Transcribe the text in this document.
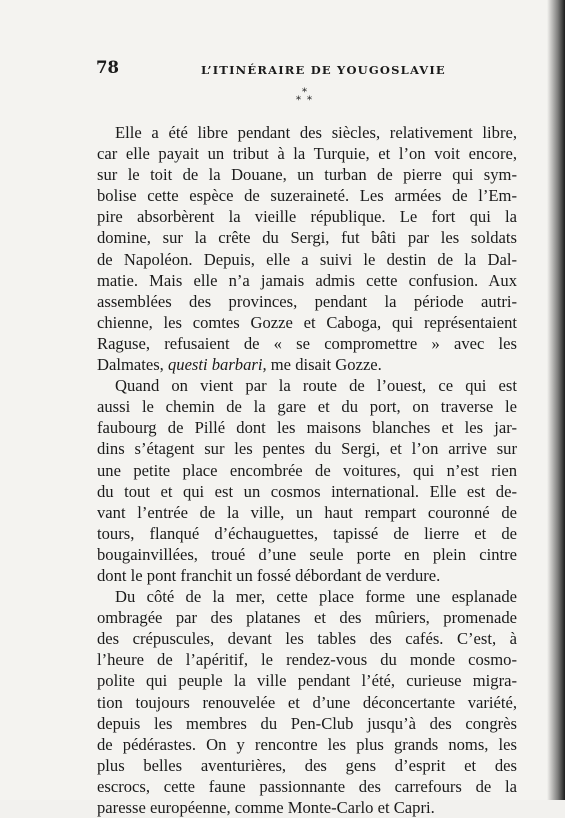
78	L’ITINÉRAIRE DE YOUGOSLAVIE
*
* *

Elle a été libre pendant des siècles, relativement libre,
car elle payait un tribut à la Turquie, et l’on voit encore,
sur le toit de la Douane, un turban de pierre qui sym-
bolise cette espèce de suzeraineté. Les armées de l’Em-
pire absorbèrent la vieille république. Le fort qui la
domine, sur la crête du Sergi, fut bâti par les soldats
de Napoléon. Depuis, elle a suivi le destin de la Dal-
matie. Mais elle n’a jamais admis cette confusion. Aux
assemblées des provinces, pendant la période autri-
chienne, les comtes Gozze et Caboga, qui représentaient
Raguse, refusaient de « se compromettre » avec les
Dalmates, questi barbari, me disait Gozze.

Quand on vient par la route de l’ouest, ce qui est
aussi le chemin de la gare et du port, on traverse le
faubourg de Pillé dont les maisons blanches et les jar-
dins s’étagent sur les pentes du Sergi, et l’on arrive sur
une petite place encombrée de voitures, qui n’est rien
du tout et qui est un cosmos international. Elle est de-
vant l’entrée de la ville, un haut rempart couronné de
tours, flanqué d’échauguettes, tapissé de lierre et de
bougainvillées, troué d’une seule porte en plein cintre
dont le pont franchit un fossé débordant de verdure.

Du côté de la mer, cette place forme une esplanade
ombragée par des platanes et des mûriers, promenade
des crépuscules, devant les tables des cafés. C’est, à
l’heure de l’apéritif, le rendez-vous du monde cosmo-
polite qui peuple la ville pendant l’été, curieuse migra-
tion toujours renouvelée et d’une déconcertante variété,
depuis les membres du Pen-Club jusqu’à des congrès
de pédérastes. On y rencontre les plus grands noms, les
plus belles aventurières, des gens d’esprit et des
escrocs, cette faune passionnante des carrefours de la
paresse européenne, comme Monte-Carlo et Capri.
